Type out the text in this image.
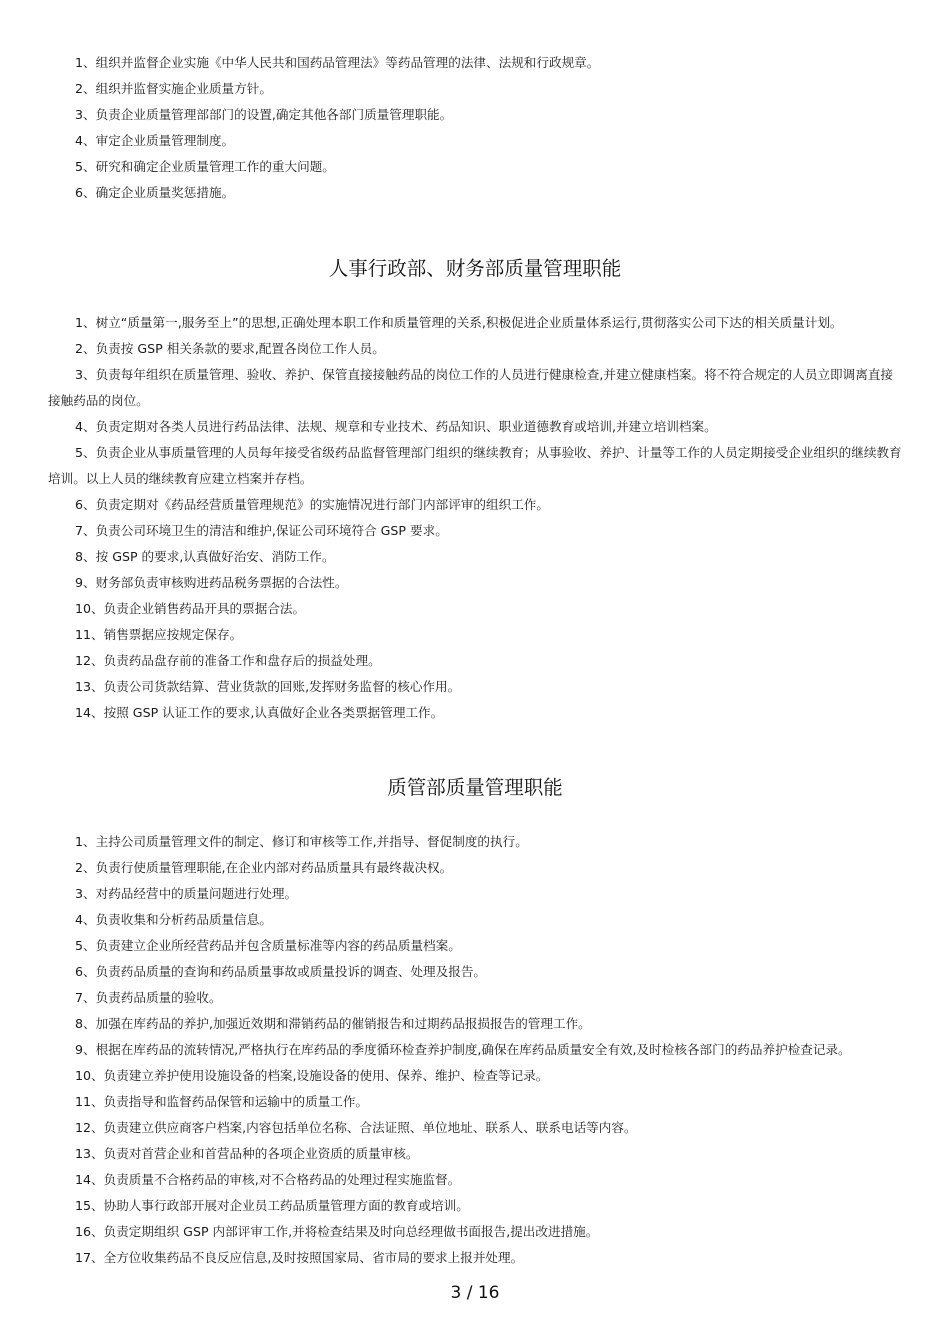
1、组织并监督企业实施《中华人民共和国药品管理法》等药品管理的法律、法规和行政规章。

2、组织并监督实施企业质量方针。

3、负责企业质量管理部部门的设置,确定其他各部门质量管理职能。

4、审定企业质量管理制度。

5、研究和确定企业质量管理工作的重大问题。

6、确定企业质量奖惩措施。

人事行政部、财务部质量管理职能

1、树立“质量第一,服务至上”的思想,正确处理本职工作和质量管理的关系,积极促进企业质量体系运行,贯彻落实公司下达的相关质量计划。

2、负责按 GSP 相关条款的要求,配置各岗位工作人员。

3、负责每年组织在质量管理、验收、养护、保管直接接触药品的岗位工作的人员进行健康检查,并建立健康档案。将不符合规定的人员立即调离直接接触药品的岗位。

4、负责定期对各类人员进行药品法律、法规、规章和专业技术、药品知识、职业道德教育或培训,并建立培训档案。

5、负责企业从事质量管理的人员每年接受省级药品监督管理部门组织的继续教育；从事验收、养护、计量等工作的人员定期接受企业组织的继续教育培训。以上人员的继续教育应建立档案并存档。

6、负责定期对《药品经营质量管理规范》的实施情况进行部门内部评审的组织工作。

7、负责公司环境卫生的清洁和维护,保证公司环境符合 GSP 要求。

8、按 GSP 的要求,认真做好治安、消防工作。

9、财务部负责审核购进药品税务票据的合法性。

10、负责企业销售药品开具的票据合法。

11、销售票据应按规定保存。

12、负责药品盘存前的准备工作和盘存后的损益处理。

13、负责公司货款结算、营业货款的回账,发挥财务监督的核心作用。

14、按照 GSP 认证工作的要求,认真做好企业各类票据管理工作。

质管部质量管理职能

1、主持公司质量管理文件的制定、修订和审核等工作,并指导、督促制度的执行。

2、负责行使质量管理职能,在企业内部对药品质量具有最终裁决权。

3、对药品经营中的质量问题进行处理。

4、负责收集和分析药品质量信息。

5、负责建立企业所经营药品并包含质量标准等内容的药品质量档案。

6、负责药品质量的查询和药品质量事故或质量投诉的调查、处理及报告。

7、负责药品质量的验收。

8、加强在库药品的养护,加强近效期和滞销药品的催销报告和过期药品报损报告的管理工作。

9、根据在库药品的流转情况,严格执行在库药品的季度循环检查养护制度,确保在库药品质量安全有效,及时检核各部门的药品养护检查记录。

10、负责建立养护使用设施设备的档案,设施设备的使用、保养、维护、检查等记录。

11、负责指导和监督药品保管和运输中的质量工作。

12、负责建立供应商客户档案,内容包括单位名称、合法证照、单位地址、联系人、联系电话等内容。

13、负责对首营企业和首营品种的各项企业资质的质量审核。

14、负责质量不合格药品的审核,对不合格药品的处理过程实施监督。

15、协助人事行政部开展对企业员工药品质量管理方面的教育或培训。

16、负责定期组织 GSP 内部评审工作,并将检查结果及时向总经理做书面报告,提出改进措施。

17、全方位收集药品不良反应信息,及时按照国家局、省市局的要求上报并处理。

3 / 16
